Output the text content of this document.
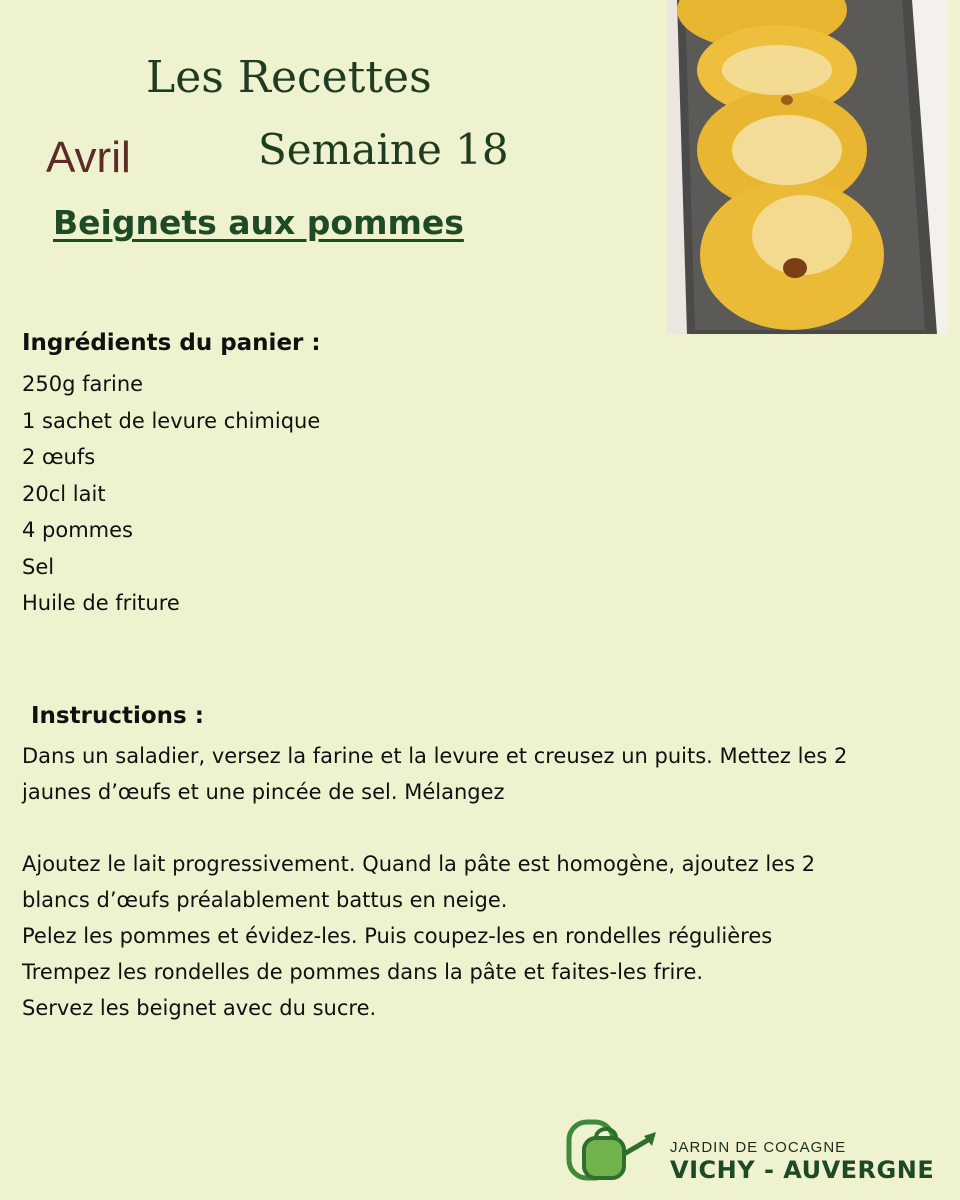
Les Recettes
Avril	Semaine 18
Beignets aux pommes
Ingrédients du panier :
250g farine
1 sachet de levure chimique
2 œufs
20cl lait
4 pommes
Sel
Huile de friture
Instructions :

Dans un saladier, versez la farine et la levure et creusez un puits. Mettez les 2

jaunes d’œufs et une pincée de sel. Mélangez

Ajoutez le lait progressivement. Quand la pâte est homogène, ajoutez les 2

blancs d’œufs préalablement battus en neige.

Pelez les pommes et évidez-les. Puis coupez-les en rondelles régulières

Trempez les rondelles de pommes dans la pâte et faites-les frire.

Servez les beignet avec du sucre.

JARDIN DE COCAGNE
VICHY - AUVERGNE
